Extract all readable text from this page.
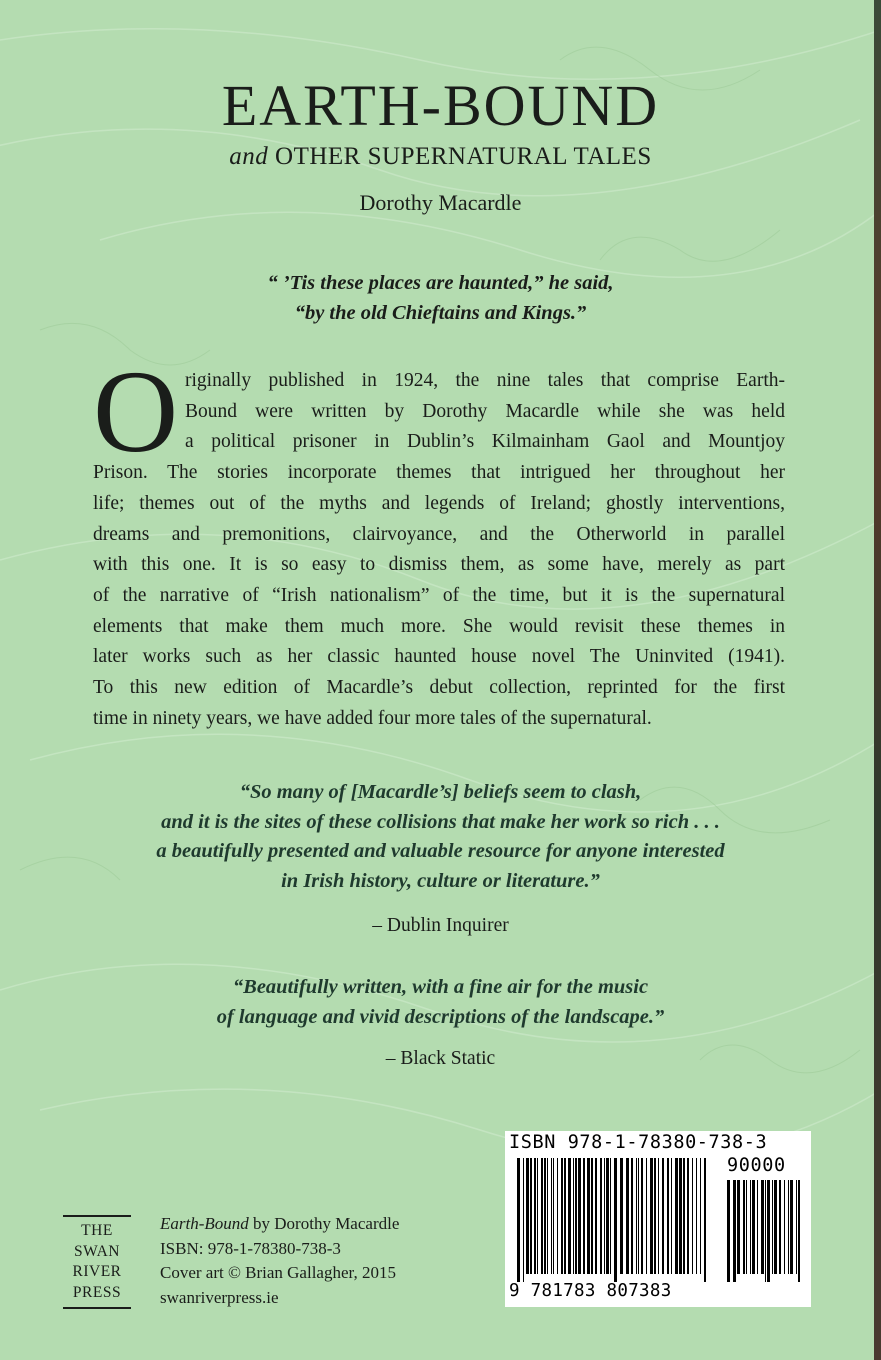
EARTH-BOUND
and OTHER SUPERNATURAL TALES
Dorothy Macardle
“ ’Tis these places are haunted,” he said,
“by the old Chieftains and Kings.”
O riginally published in 1924, the nine tales that comprise Earth-
Bound were written by Dorothy Macardle while she was held
a political prisoner in Dublin’s Kilmainham Gaol and Mountjoy
Prison. The stories incorporate themes that intrigued her throughout her
life; themes out of the myths and legends of Ireland; ghostly interventions,
dreams and premonitions, clairvoyance, and the Otherworld in parallel
with this one. It is so easy to dismiss them, as some have, merely as part
of the narrative of “Irish nationalism” of the time, but it is the supernatural
elements that make them much more. She would revisit these themes in
later works such as her classic haunted house novel The Uninvited (1941).
To this new edition of Macardle’s debut collection, reprinted for the first
time in ninety years, we have added four more tales of the supernatural.
“So many of [Macardle’s] beliefs seem to clash,
and it is the sites of these collisions that make her work so rich . . .
a beautifully presented and valuable resource for anyone interested
in Irish history, culture or literature.”
– Dublin Inquirer
“Beautifully written, with a fine air for the music
of language and vivid descriptions of the landscape.”
– Black Static
THE
SWAN
RIVER
PRESS
Earth-Bound by Dorothy Macardle
ISBN: 978-1-78380-738-3
Cover art © Brian Gallagher, 2015
swanriverpress.ie
ISBN 978-1-78380-738-3
90000
9 781783 807383
